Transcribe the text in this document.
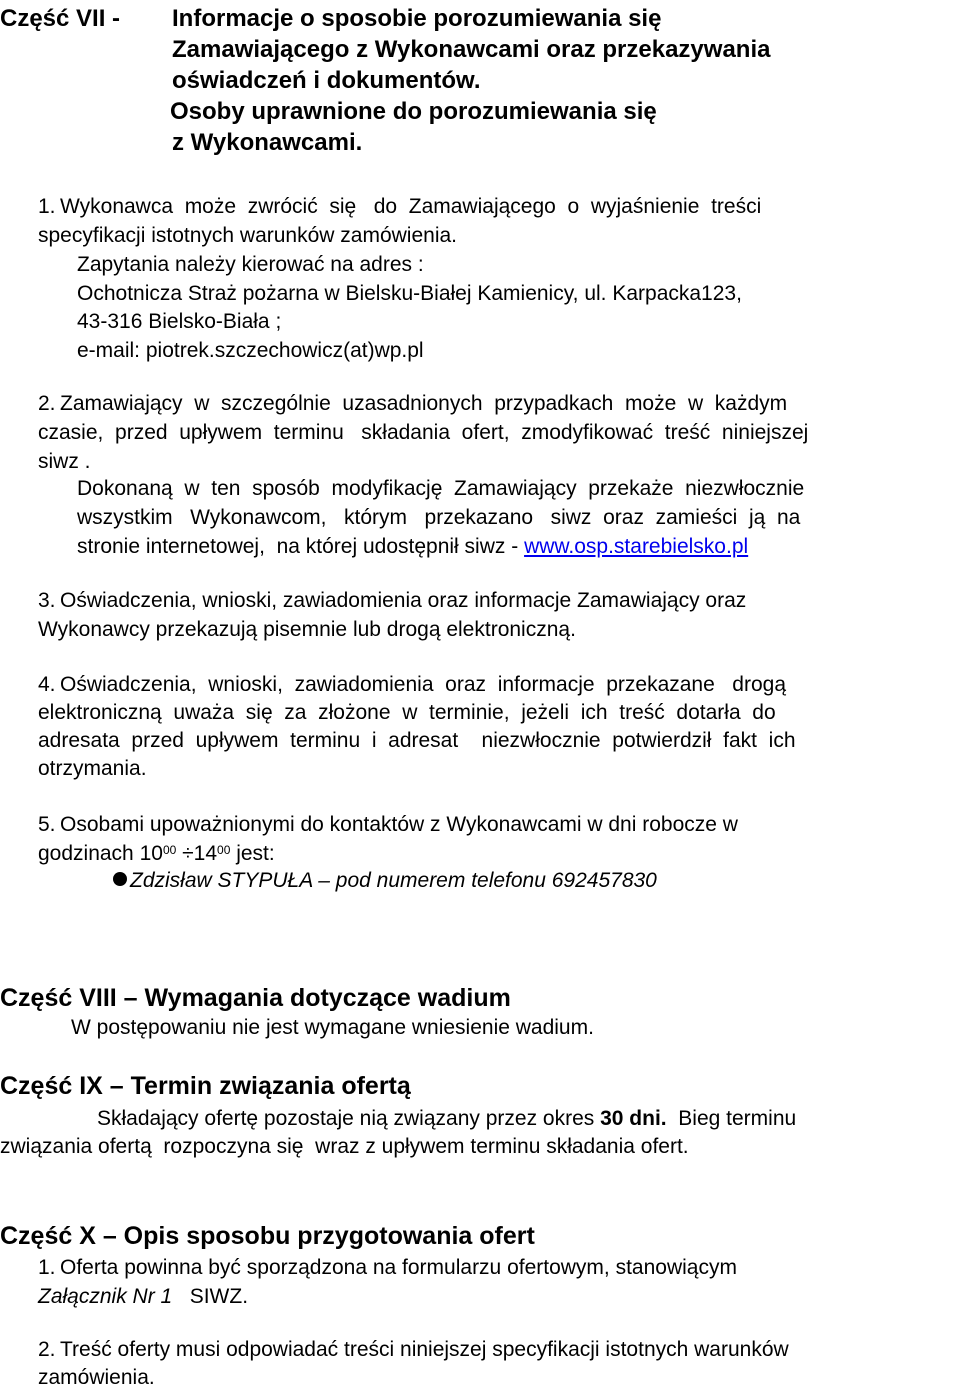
Część VII - Informacje o sposobie porozumiewania się
Zamawiającego z Wykonawcami oraz przekazywania
oświadczeń i dokumentów.
Osoby uprawnione do porozumiewania się
z Wykonawcami.
1. Wykonawca  może  zwrócić  się   do  Zamawiającego  o  wyjaśnienie  treści
specyfikacji istotnych warunków zamówienia.
Zapytania należy kierować na adres :
Ochotnicza Straż pożarna w Bielsku-Białej Kamienicy, ul. Karpacka123,
43-316 Bielsko-Biała ;
e-mail: piotrek.szczechowicz(at)wp.pl
2. Zamawiający  w  szczególnie  uzasadnionych  przypadkach  może  w  każdym
czasie,  przed  upływem  terminu   składania  ofert,  zmodyfikować  treść  niniejszej
siwz .
Dokonaną  w  ten  sposób  modyfikację  Zamawiający  przekaże  niezwłocznie
wszystkim   Wykonawcom,   którym   przekazano   siwz  oraz  zamieści  ją  na
stronie internetowej,  na której udostępnił siwz - www.osp.starebielsko.pl
3. Oświadczenia, wnioski, zawiadomienia oraz informacje Zamawiający oraz
Wykonawcy przekazują pisemnie lub drogą elektroniczną.
4. Oświadczenia,  wnioski,  zawiadomienia  oraz  informacje  przekazane   drogą
elektroniczną  uważa  się  za  złożone  w  terminie,  jeżeli  ich  treść  dotarła  do
adresata  przed  upływem  terminu  i  adresat    niezwłocznie  potwierdził  fakt  ich
otrzymania.
5. Osobami upoważnionymi do kontaktów z Wykonawcami w dni robocze w
godzinach $10^{00} \div 14^{00}$ jest:
Zdzisław STYPUŁA – pod numerem telefonu 692457830
Część VIII – Wymagania dotyczące wadium
W postępowaniu nie jest wymagane wniesienie wadium.
Część IX – Termin związania ofertą
Składający ofertę pozostaje nią związany przez okres 30 dni.  Bieg terminu
związania ofertą  rozpoczyna się  wraz z upływem terminu składania ofert.
Część X – Opis sposobu przygotowania ofert
1. Oferta powinna być sporządzona na formularzu ofertowym, stanowiącym
Załącznik Nr 1   SIWZ.
2. Treść oferty musi odpowiadać treści niniejszej specyfikacji istotnych warunków
zamówienia.
